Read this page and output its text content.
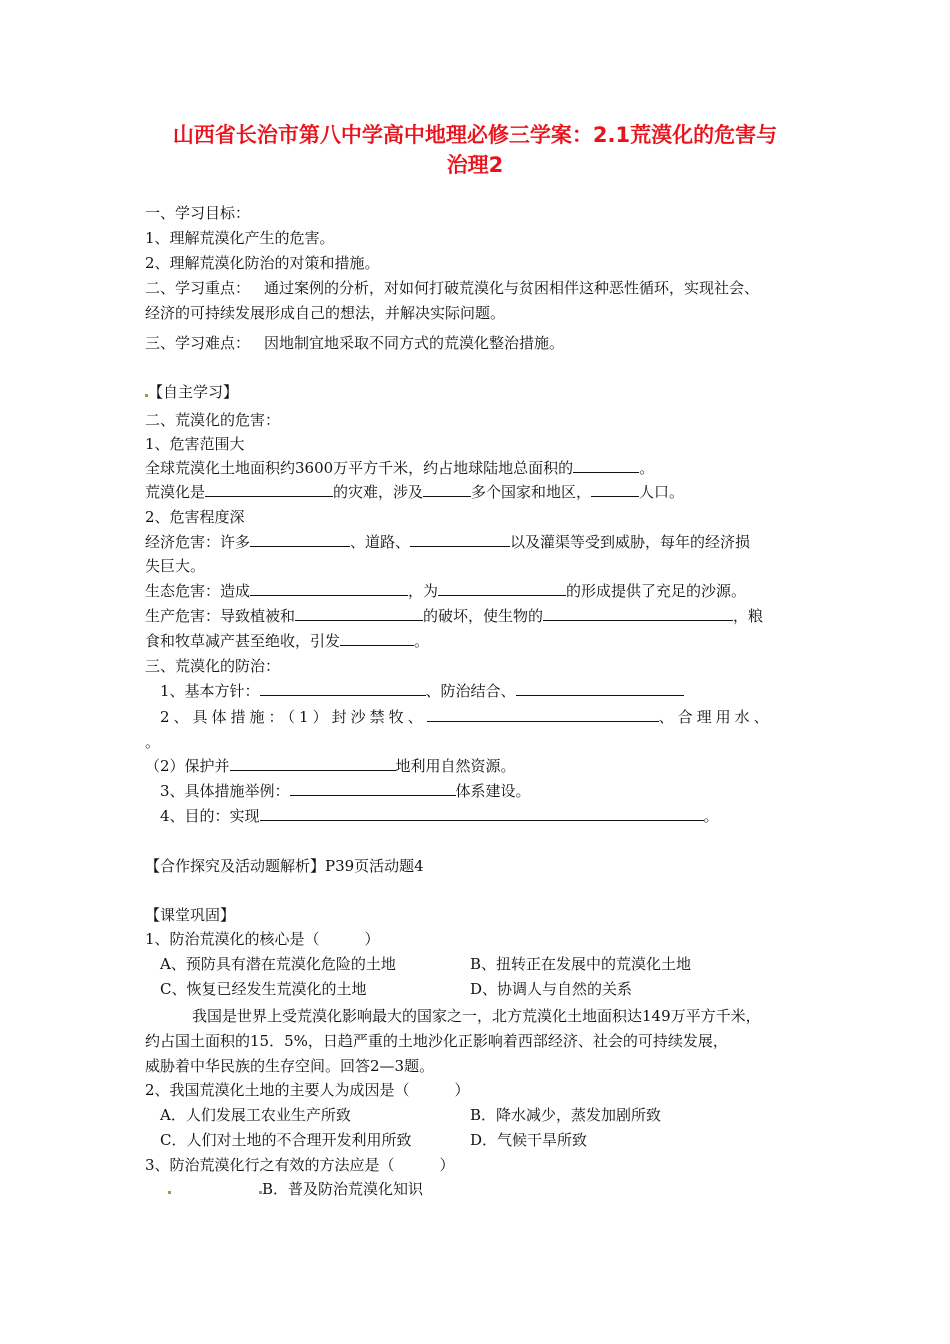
山西省长治市第八中学高中地理必修三学案：2.1荒漠化的危害与
治理2
一、学习目标：
1、理解荒漠化产生的危害。
2、理解荒漠化防治的对策和措施。
二、学习重点： 通过案例的分析，对如何打破荒漠化与贫困相伴这种恶性循环，实现社会、
经济的可持续发展形成自己的想法，并解决实际问题。
三、学习难点： 因地制宜地采取不同方式的荒漠化整治措施。
【自主学习】
二、荒漠化的危害：
1、危害范围大
全球荒漠化土地面积约3600万平方千米，约占地球陆地总面积的	。
荒漠化是	的灾难，涉及	多个国家和地区，	人口。
2、危害程度深
经济危害：许多	、道路、	以及灌渠等受到威胁，每年的经济损
失巨大。
生态危害：造成	，为	的形成提供了充足的沙源。
生产危害：导致植被和	的破坏，使生物的	，粮
食和牧草减产甚至绝收，引发	。
三、荒漠化的防治：
1、基本方针：	、防治结合、
2、具体措施：（1）封沙禁牧、	、合理用水、
。
（2）保护并	地利用自然资源。
3、具体措施举例：	体系建设。
4、目的：实现	。
【合作探究及活动题解析】P39页活动题4
【课堂巩固】
1、防治荒漠化的核心是（　　　）
A、预防具有潜在荒漠化危险的土地	B、扭转正在发展中的荒漠化土地
C、恢复已经发生荒漠化的土地	D、协调人与自然的关系
我国是世界上受荒漠化影响最大的国家之一，北方荒漠化土地面积达149万平方千米，
约占国土面积的15．5%，日趋严重的土地沙化正影响着西部经济、社会的可持续发展，
威胁着中华民族的生存空间。回答2—3题。
2、我国荒漠化土地的主要人为成因是（　　　）
A．人们发展工农业生产所致	B．降水减少，蒸发加剧所致
C．人们对土地的不合理开发利用所致	D．气候干旱所致
3、防治荒漠化行之有效的方法应是（　　　）
B．普及防治荒漠化知识
